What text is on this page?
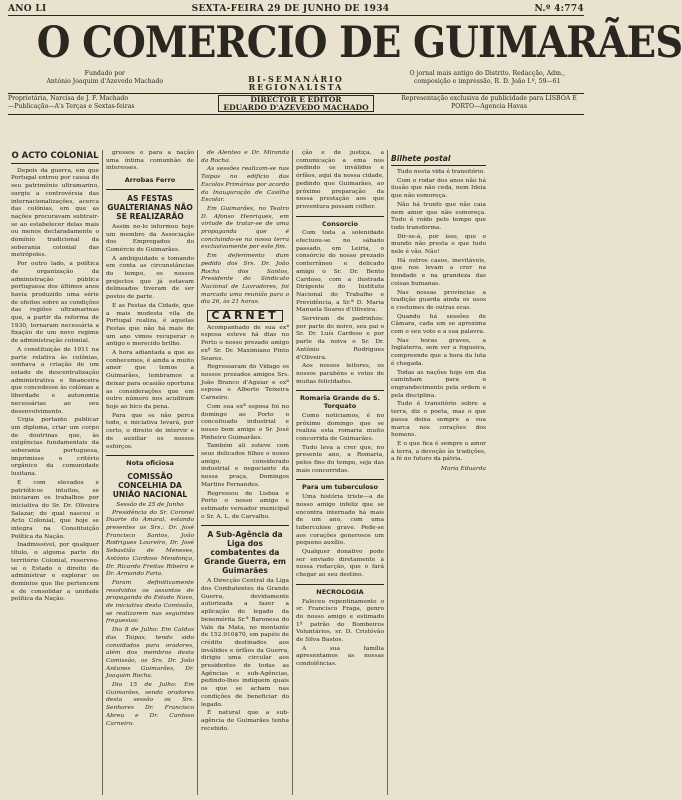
ANO LI	SEXTA-FEIRA 29 DE JUNHO DE 1934	N.º 4:774
O COMERCIO DE GUIMARÃES
Fundado por
António Joaquim d'Azevedo Machado	BI-SEMANÁRIO REGIONALISTA
O jornal mais antigo do Distrito. Redacção, Adm., composição e impressão, R. D. João I.º, 59—61
Proprietária, Narcisa de J. F. Machado
—Publicação—A's Terças e Sextas-feiras
DIRECTOR E EDITOR
EDUARDO D'AZEVEDO MACHADO
Representação exclusiva de publicidade para LISBOA E PORTO—Agencia Havas
O ACTO COLONIAL

Depois da guerra, em que Portugal entrou por causa do seu património ultramarino, surgiu a controvérsia das internacionalizações, acerca das colónias, em que as nações procuravam subtrair-se ao estabelecer delas mais ou menos declaradamente o domínio tradicional da soberania colonial das metrópoles.

Por outro lado, a política de organização da administração pública portuguesa dos últimos anos havia produzido uma série de efeitos sobre as condições das regiões ultramarinas que, a partir da reforma de 1930, tornaram necessária a fixação de um novo regime de administração colonial.

A constituição de 1911 na parte relativa às colónias, sonhava a criação de um estado de descentralização administrativa e financeira que concedesse às colónias a liberdade e autonomia necessárias ao seu desenvolvimento.

Urgia portanto publicar um diploma, criar um corpo de doutrinas que, às exigências fundamentais da soberania portuguesa, imprimisse o critério orgânico da comunidade lusitana.

E com elevados e patrióticos intuitos, se iniciaram os trabalhos por iniciativa do Sr. Dr. Oliveira Salazar, do qual nasceu o Acto Colonial, que hoje se integra na Constituição Política da Nação.

Inadmissível, por qualquer título, o alguma parte do território Colonial, reservou-se o Estado o direito de administrar e explorar os domínios que lhe pertencem e de consolidar a unidade política da Nação.

gressos e para a nação uma íntima comunhão de interesses.

Arrobas Ferro
AS FESTAS GUALTERIANAS NÃO SE REALIZARÃO

Assim no-lo informou hoje um membro da Associação dos Empregados do Comércio de Guimarães.

A ambiguidade e tomando em conta as circunstâncias do tempo, os nossos projectos que já estavam delineados tiveram de ser postos de parte.

E as Festas da Cidade, que a mais modesta vila de Portugal realiza, é aquelas Festas que não há mais de um ano vimos recuperar o antigo e merecido brilho.

A hora adiantada a que as conhecemos, é ainda a muito amor que temos a Guimarães, lembramos a deixar para ocasião oportuna as considerações que em outro número nos acudiram hoje ao bico da pena.

Para que se não perca todo, e iniciativa levará, por certo, o direito de intervir e de auxiliar os nossos esforços.

Nota oficiosa
COMISSÃO CONCELHIA DA UNIÃO NACIONAL
Sessão de 25 de Junho

Presidência do Sr. Coronel Duarte do Amaral, estando presentes os Srs.: Dr. José Francisco Santos, João Rodrigues Loureiro, Dr. José Sebastião de Meneses, António Cardoso Mendonça, Dr. Ricardo Freitas Ribeiro e Dr. Armando Faria.

Foram definitivamente resolvidos os assuntos de propaganda do Estado Novo, de iniciativa desta Comissão, se realizarem nas seguintes freguesias:

Dia 8 de Julho: Em Caldas das Taipas, tendo sido convidados para oradores, além dos membros desta Comissão, os Srs. Dr. João Antunes Guimarães, Dr. Joaquim Rocha.

Dia 15 de Julho: Em Guimarães, sendo oradores desta sessão os Srs. Senhores Dr. Francisco Abreu e Dr. Cardoso Carneiro.

de Alenteo e Dr. Miranda da Rocha.

As sessões realizam-se nas Taipas no edifício das Escolas Primárias por acordo da Inauguração de Casilha Escolar.

Em Guimarães, no Teatro D. Afonso Henriques, em virtude de tratar-se de uma propaganda que é concluindo-se na nossa terra exclusivamente por este fim.

Em deferimento dum pedido dos Srs. Dr. João Rocha dos Santos, Presidente do Sindicato Nacional de Lavradores, foi marcada uma reunião para o dia 26, às 21 horas.

CARNET

Acompanhado de sua exª esposa esteve há dias no Porto o nosso prezado amigo exº Sr. Dr. Maximiano Pinto Soares.

Regressaram do Vidago os nossos prezados amigos Srs. João Branco d'Aguiar e exª esposa e Alberto Teixeira Carneiro.

Com sua exª esposa foi no domingo ao Porto o conceituado industrial e nosso bom amigo o Sr. José Pinheiro Guimarães.

Também ali esteve com seus delicados filhos o nosso amigo, considerado industrial e negociante da nossa praça, Domingos Martins Fernandes.

Regressou de Lisboa e Porto o nosso amigo e estimado vereador municipal o Sr. A. L. de Carvalho.

A Sub-Agência da Liga dos combatentes da Grande Guerra, em Guimarães

A Direcção Central da Liga dos Combatentes da Grande Guerra, devidamente autorizada a fazer a aplicação do legado da benemérita Sr.ª Baronesa do Vale da Mata, no montante de 152.910$70, em papéis de crédito destinados aos inválidos e órfãos da Guerra, dirigiu uma circular aos presidentes de todas as Agências e sub-Agências, pedindo-lhes indiquem quais os que se acham nas condições de beneficiar do legado.

É natural que a sub-agência de Guimarães tenha recebido.

ção e de justiça, a comunicação a ema nos pedindo os inválidos e órfãos, aqui da nossa cidade, pedindo que Guimarães, ao próximo preparação da nossa prestação aos que proventura possam colher.

Consorcio

Com toda a solenidade efectuou-se no sábado passado, em Leiria, o consórcio do nosso prezado conterrâneo e delicado amigo o Sr. Dr. Bento Cardoso, com a ilustrada Dirigente do Instituto Nacional do Trabalho e Previdência, a Sr.ª D. Maria Manuela Soares d'Oliveira.

Serviram de padrinhos: por parte do noivo, seu pai o Sr. Dr. Luís Cardoso e por parte da noiva o Sr. Dr. António Rodrigues d'Oliveira.

Aos nossos leitores, os nossos parabéns e votos de muitas felicidades.

Romaria Grande de S. Torquato

Como noticiamos, é no próximo domingo que se realiza esta romaria muito concorrida de Guimarães.

Tudo leva a crer que, no presente ano, a Romaria, pelos fins do tempo, seja das mais concorridas.

Para um tuberculoso

Uma história triste—a de nosso amigo infeliz que se encontra internado há mais de um ano, com uma tuberculose grave. Pede-se aos corações generosos um pequeno auxílio.

Qualquer donativo pode ser enviado diretamente à nossa redacção, que o fará chegar ao seu destino.

NECROLOGIA

Faleceu repentinamente o sr. Francisco Fraga, genro do nosso amigo e estimado 1º patrão do Bombeiros Voluntários, sr. D. Cristóvão de Silva Bastos.

A sua família apresentamos as nossas condolências.

Bilhete postal

Tudo nesta vida é transitório.

Com o rodar dos anos não há ilusão que não ceda, nem Ideia que não esmoreça.

Não há trunfo que não caia nem amor que não esmoreça. Tudo é roído pelo tempo que tudo transforma.

Dir-se-á, por isso, que o mundo não presta e que tudo nele é vão. Não!

Há outros casos, inevitáveis, que nos levam a crer na bondade e na grandeza das coisas humanas.

Nas nossas províncias a tradição guarda ainda os usos e costumes de outras eras.

Quando há sessões de Câmara, cada um se aproxima com o seu voto e a sua palavra.

Nas horas graves, a Inglaterra, sem ver a fogueira, compreende que a hora da luta é chegada.

Todas as nações hoje em dia caminham para o engrandecimento pela ordem e pela disciplina.

Tudo é transitório sobre a terra, diz o poeta, mas o que passa deixa sempre a sua marca nos corações dos homens.

E o que fica é sempre o amor à terra, a devoção às tradições, a fé no futuro da pátria.

Maria Eduarda
